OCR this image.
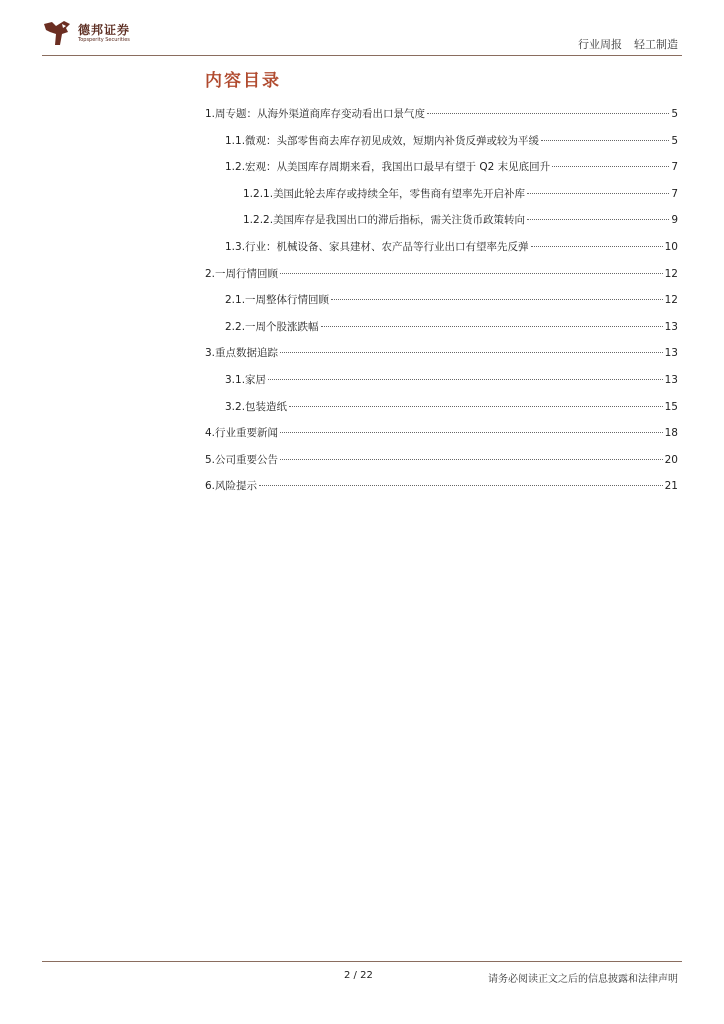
德邦证券
Topsperity Securities	行业周报 轻工制造
内容目录
1. 周专题：从海外渠道商库存变动看出口景气度	5
1.1. 微观：头部零售商去库存初见成效，短期内补货反弹或较为平缓	5
1.2. 宏观：从美国库存周期来看，我国出口最早有望于 Q2 末见底回升	7
1.2.1. 美国此轮去库存或持续全年，零售商有望率先开启补库	7
1.2.2. 美国库存是我国出口的滞后指标，需关注货币政策转向	9
1.3. 行业：机械设备、家具建材、农产品等行业出口有望率先反弹	10
2. 一周行情回顾	12
2.1. 一周整体行情回顾	12
2.2. 一周个股涨跌幅	13
3. 重点数据追踪	13
3.1. 家居	13
3.2. 包装造纸	15
4. 行业重要新闻	18
5. 公司重要公告	20
6. 风险提示	21
2 / 22	请务必阅读正文之后的信息披露和法律声明
